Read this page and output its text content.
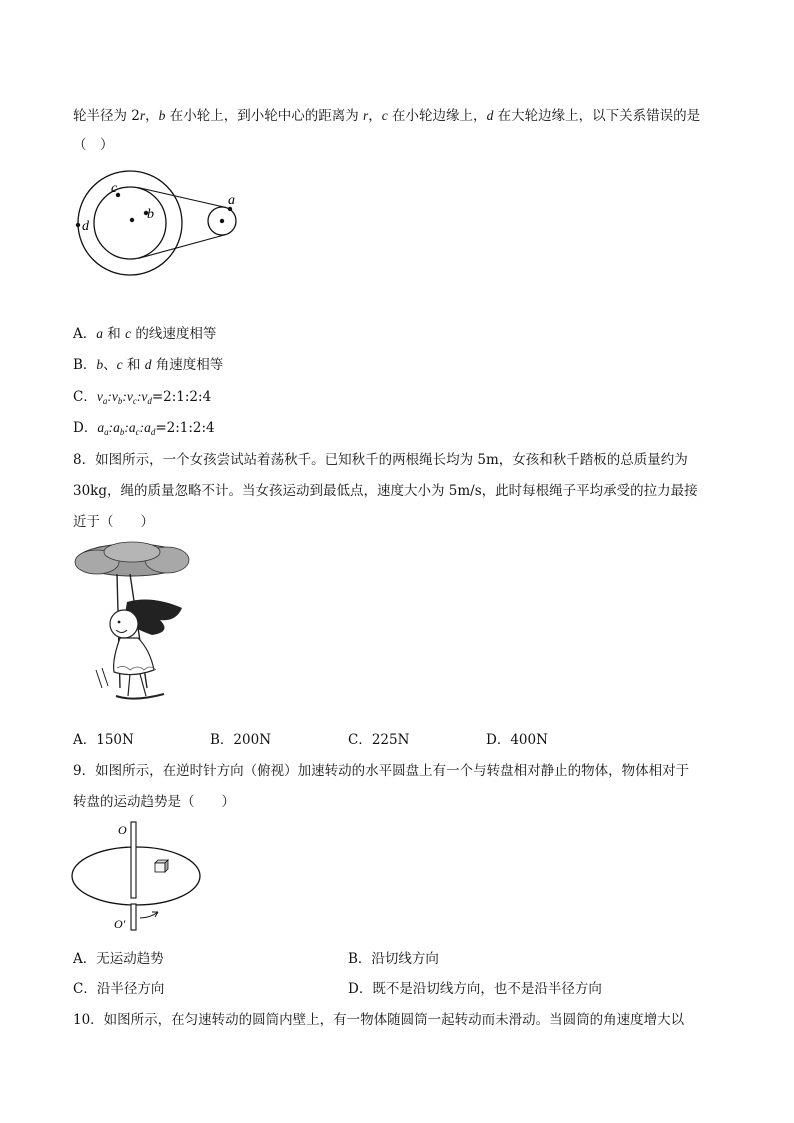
轮半径为 2r，b 在小轮上，到小轮中心的距离为 r，c 在小轮边缘上，d 在大轮边缘上，以下关系错误的是
（　）
a
b
c
d
A．a 和 c 的线速度相等
B．b、c 和 d 角速度相等
C．$v_a:v_b:v_c:v_d=2:1:2:4$
D．$a_a:a_b:a_c:a_d=2:1:2:4$
8．如图所示，一个女孩尝试站着荡秋千。已知秋千的两根绳长均为 5m，女孩和秋千踏板的总质量约为
30kg，绳的质量忽略不计。当女孩运动到最低点，速度大小为 5m/s，此时每根绳子平均承受的拉力最接
近于（　　）
A．150N	B．200N	C．225N	D．400N
9．如图所示，在逆时针方向（俯视）加速转动的水平圆盘上有一个与转盘相对静止的物体，物体相对于
转盘的运动趋势是（　　）
O
O′
A．无运动趋势	B．沿切线方向
C．沿半径方向	D．既不是沿切线方向，也不是沿半径方向
10．如图所示，在匀速转动的圆筒内壁上，有一物体随圆筒一起转动而未滑动。当圆筒的角速度增大以
